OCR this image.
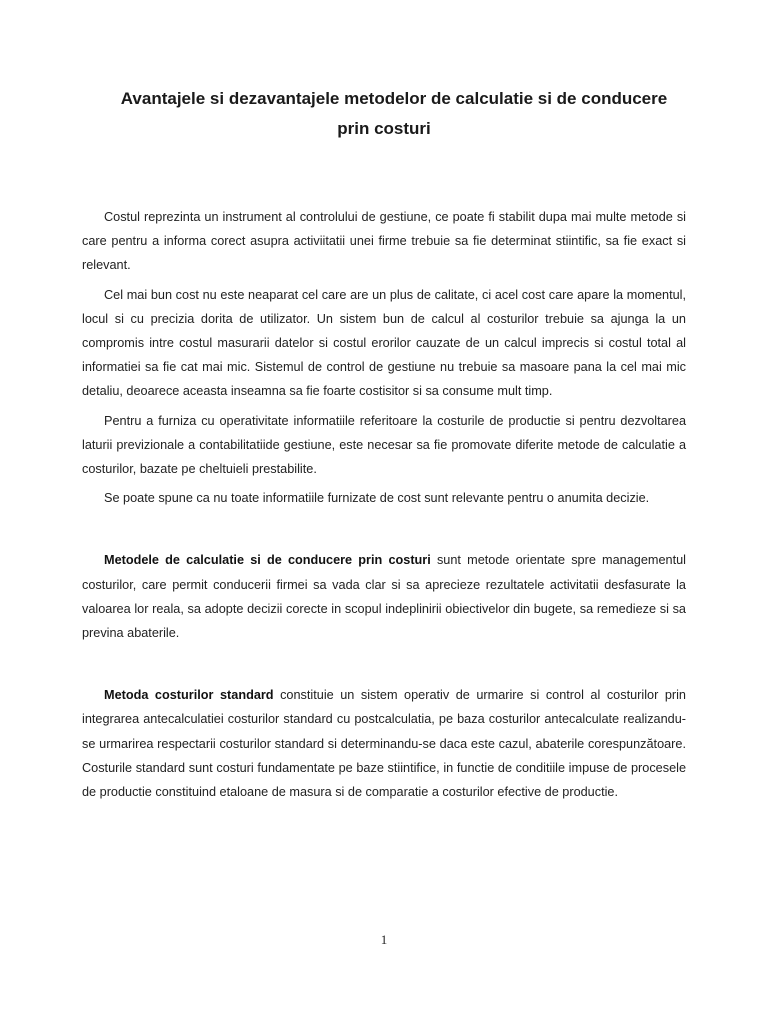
Avantajele si dezavantajele metodelor de calculatie si de conducere
prin costuri

Costul reprezinta un instrument al controlului de gestiune, ce poate fi stabilit dupa mai multe metode si care pentru a informa corect asupra activiitatii unei firme trebuie sa fie determinat stiintific, sa fie exact si relevant.

Cel mai bun cost nu este neaparat cel care are un plus de calitate, ci acel cost care apare la momentul, locul si cu precizia dorita de utilizator. Un sistem bun de calcul al costurilor trebuie sa ajunga la un compromis intre costul masurarii datelor si costul erorilor cauzate de un calcul imprecis si costul total al informatiei sa fie cat mai mic. Sistemul de control de gestiune nu trebuie sa masoare pana la cel mai mic detaliu, deoarece aceasta inseamna sa fie foarte costisitor si sa consume mult timp.

Pentru a furniza cu operativitate informatiile referitoare la costurile de productie si pentru dezvoltarea laturii previzionale a contabilitatiide gestiune, este necesar sa fie promovate diferite metode de calculatie a costurilor, bazate pe cheltuieli prestabilite.

Se poate spune ca nu toate informatiile furnizate de cost sunt relevante pentru o anumita decizie.

Metodele de calculatie si de conducere prin costuri sunt metode orientate spre managementul costurilor, care permit conducerii firmei sa vada clar si sa aprecieze rezultatele activitatii desfasurate la valoarea lor reala, sa adopte decizii corecte in scopul indeplinirii obiectivelor din bugete, sa remedieze si sa previna abaterile.

Metoda costurilor standard constituie un sistem operativ de urmarire si control al costurilor prin integrarea antecalculatiei costurilor standard cu postcalculatia, pe baza costurilor antecalculate realizandu-se urmarirea respectarii costurilor standard si determinandu-se daca este cazul, abaterile corespunzătoare. Costurile standard sunt costuri fundamentate pe baze stiintifice, in functie de conditiile impuse de procesele de productie constituind etaloane de masura si de comparatie a costurilor efective de productie.

1
